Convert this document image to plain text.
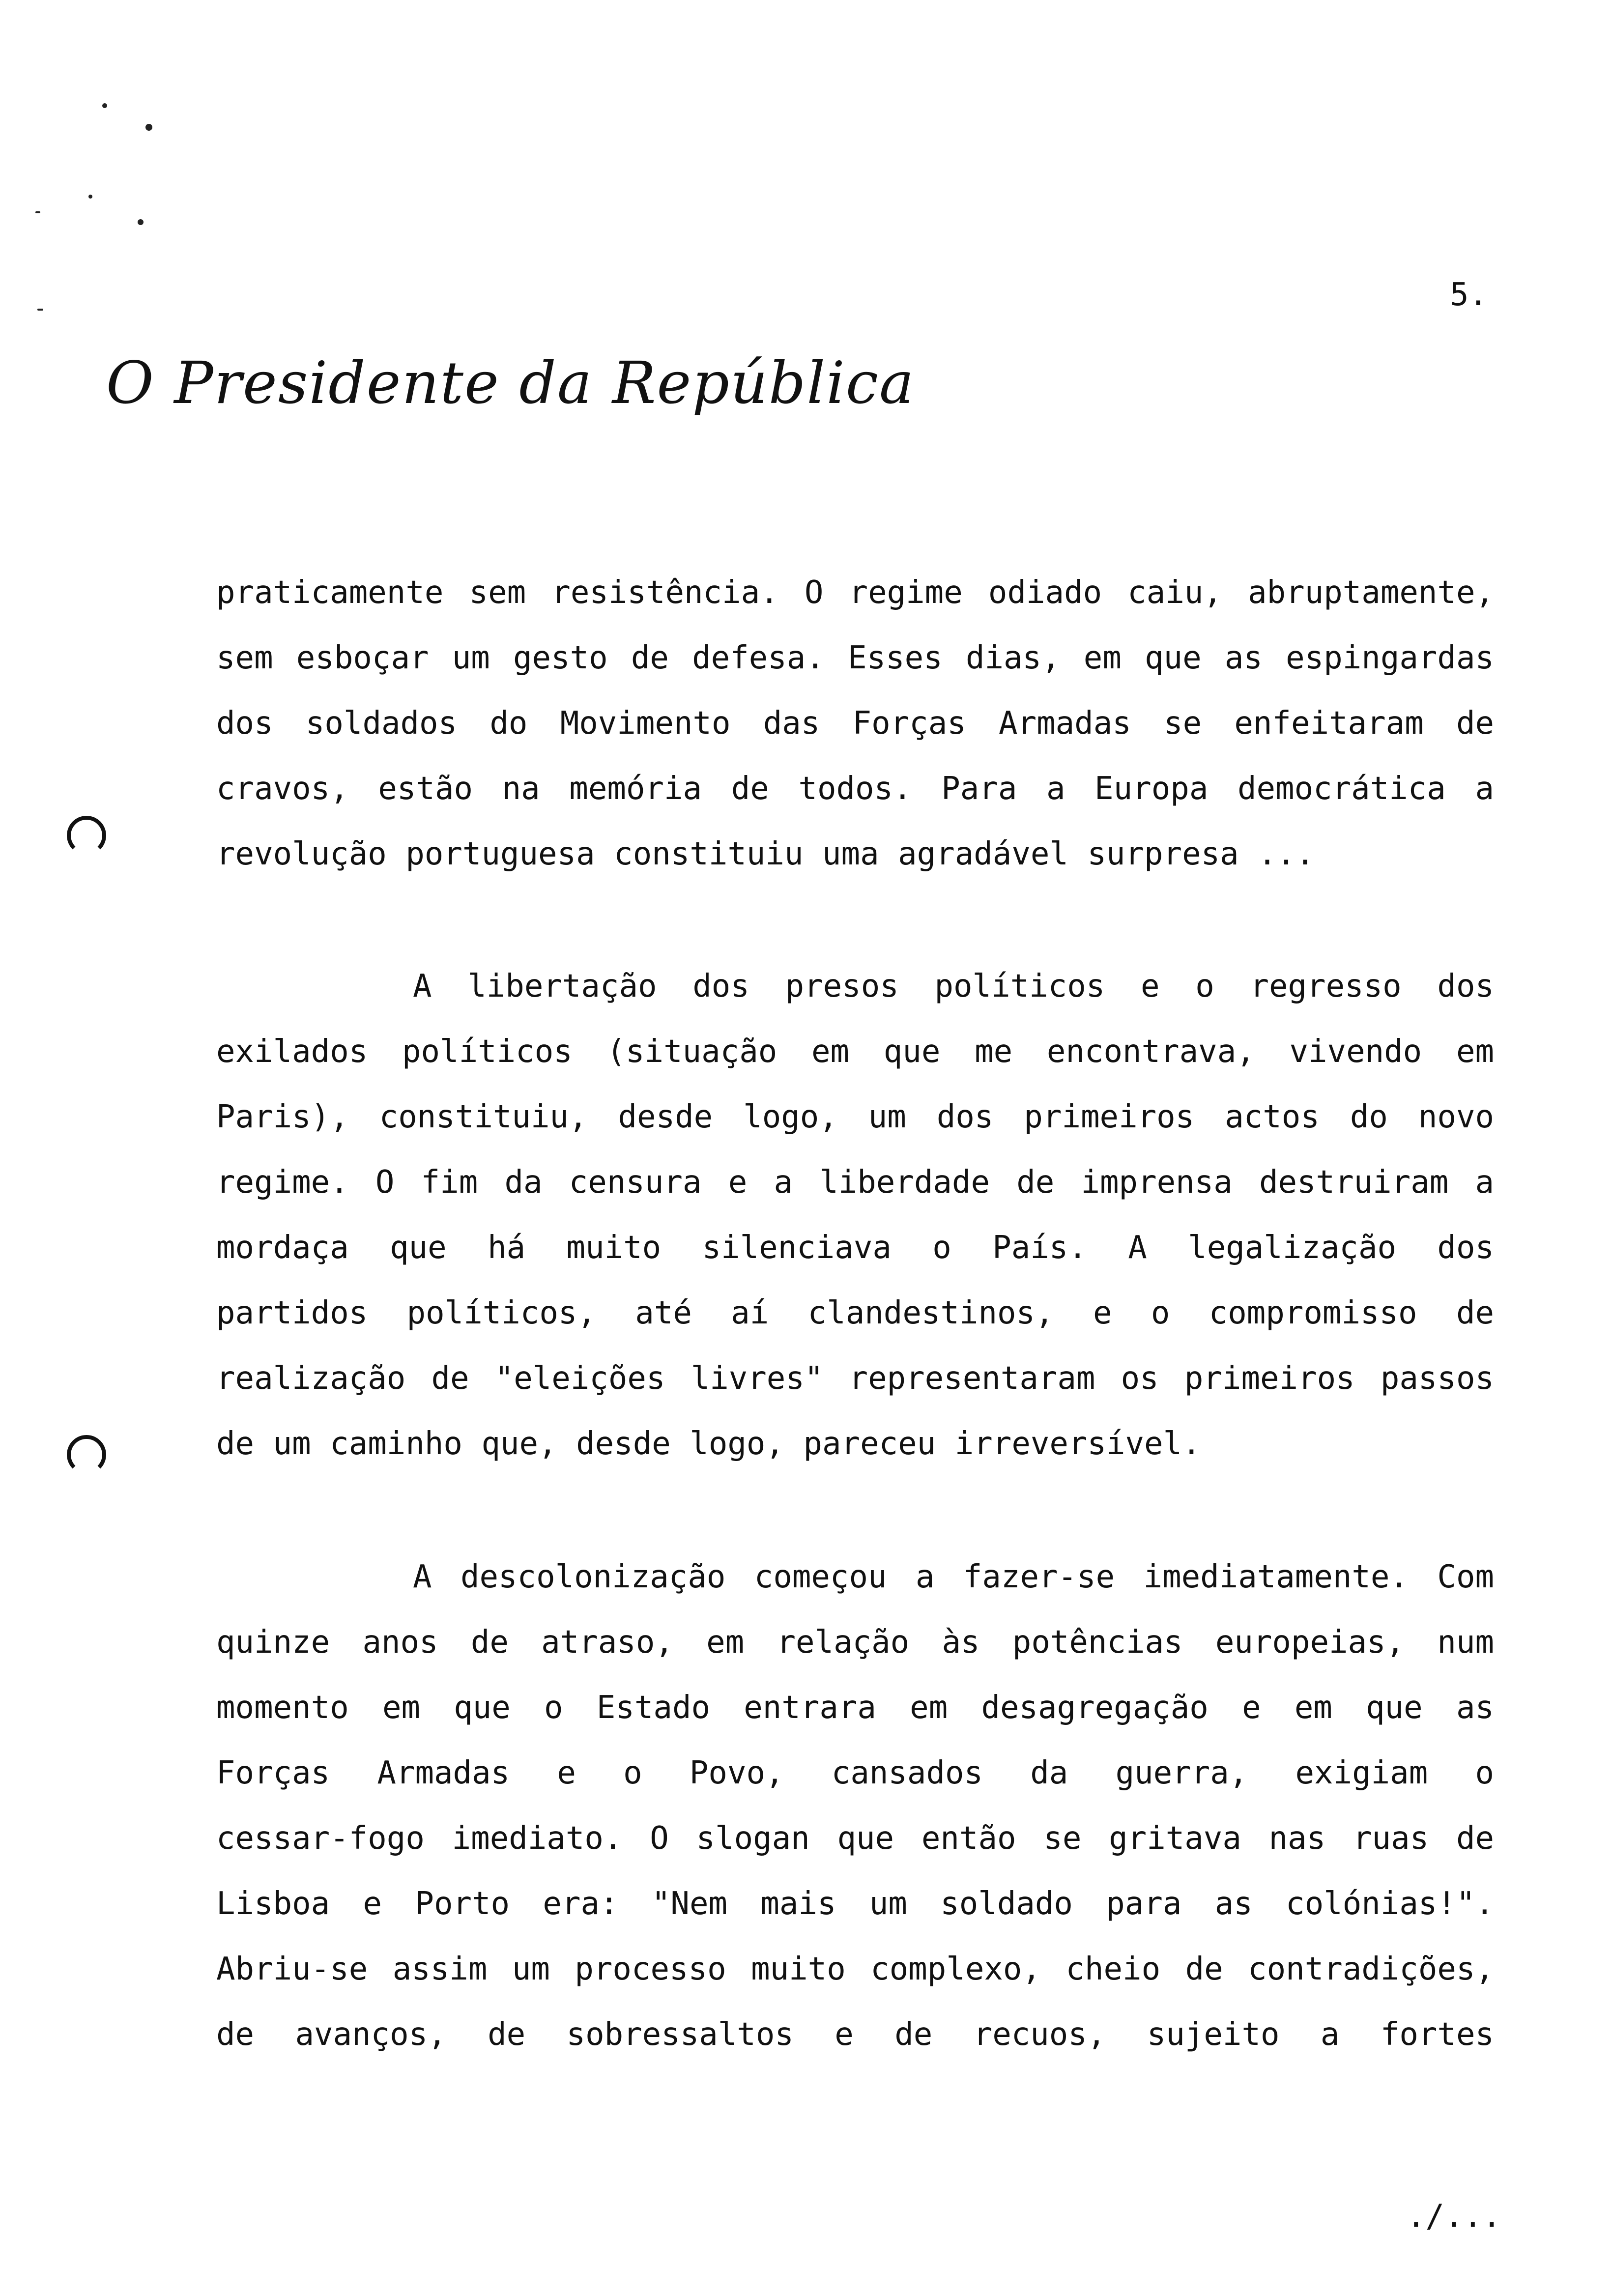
5.
O Presidente da República
praticamente sem resistência. O regime odiado caiu, abruptamente,
sem esboçar um gesto de defesa. Esses dias, em que as espingardas
dos soldados do Movimento das Forças Armadas se enfeitaram de
cravos, estão na memória de todos. Para a Europa democrática a
revolução portuguesa constituiu uma agradável surpresa ...
A libertação dos presos políticos e o regresso dos
exilados políticos (situação em que me encontrava, vivendo em
Paris), constituiu, desde logo, um dos primeiros actos do novo
regime. O fim da censura e a liberdade de imprensa destruiram a
mordaça que há muito silenciava o País. A legalização dos
partidos políticos, até aí clandestinos, e o compromisso de
realização de "eleições livres" representaram os primeiros passos
de um caminho que, desde logo, pareceu irreversível.
A descolonização começou a fazer-se imediatamente. Com
quinze anos de atraso, em relação às potências europeias, num
momento em que o Estado entrara em desagregação e em que as
Forças Armadas e o Povo, cansados da guerra, exigiam o
cessar-fogo imediato. O slogan que então se gritava nas ruas de
Lisboa e Porto era: "Nem mais um soldado para as colónias!".
Abriu-se assim um processo muito complexo, cheio de contradições,
de avanços, de sobressaltos e de recuos, sujeito a fortes
./...
